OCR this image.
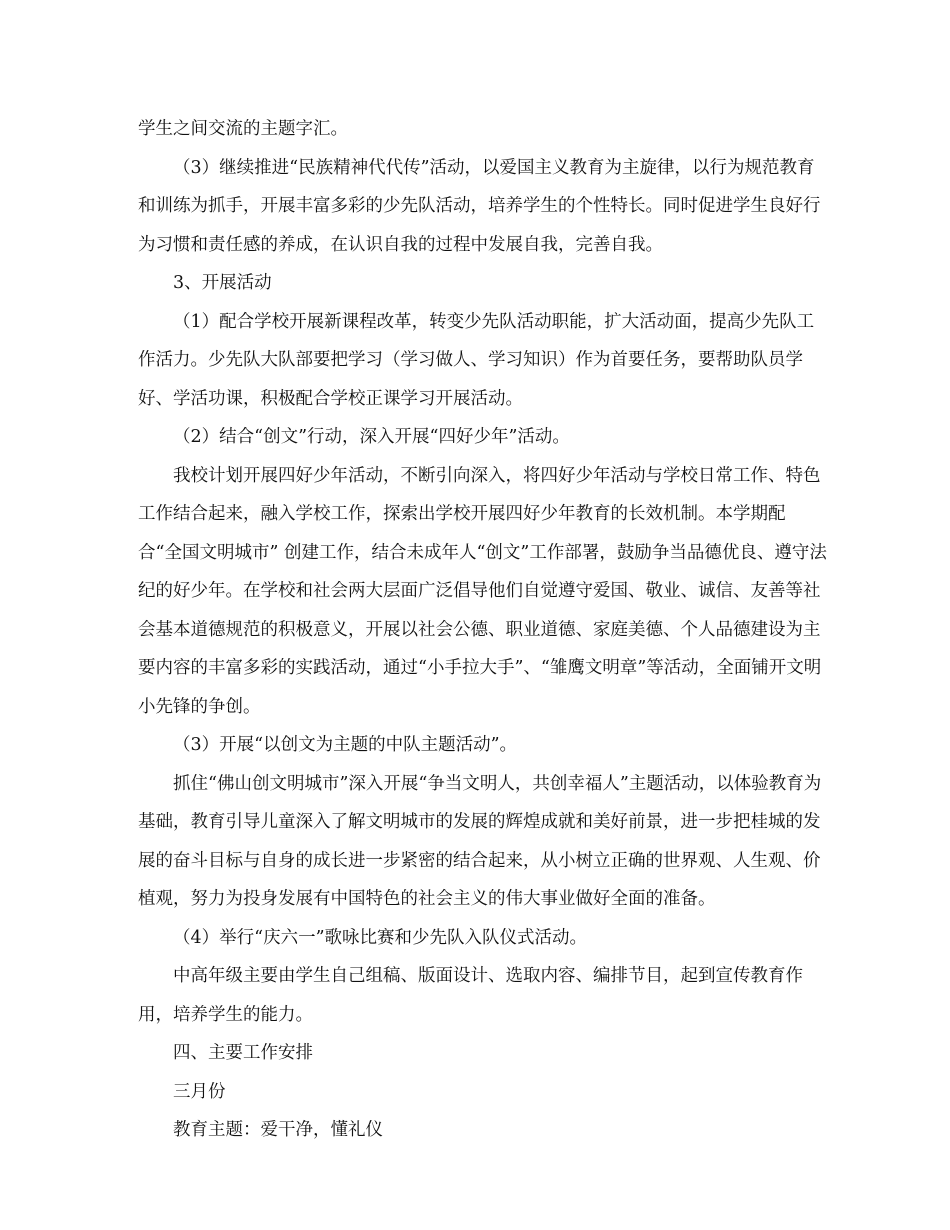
学生之间交流的主题字汇。

（3）继续推进“民族精神代代传”活动，以爱国主义教育为主旋律，以行为规范教育和训练为抓手，开展丰富多彩的少先队活动，培养学生的个性特长。同时促进学生良好行为习惯和责任感的养成，在认识自我的过程中发展自我，完善自我。

3、开展活动

（1）配合学校开展新课程改革，转变少先队活动职能，扩大活动面，提高少先队工作活力。少先队大队部要把学习（学习做人、学习知识）作为首要任务，要帮助队员学好、学活功课，积极配合学校正课学习开展活动。

（2）结合“创文”行动，深入开展“四好少年”活动。

我校计划开展四好少年活动，不断引向深入，将四好少年活动与学校日常工作、特色工作结合起来，融入学校工作，探索出学校开展四好少年教育的长效机制。本学期配合“全国文明城市” 创建工作，结合未成年人“创文”工作部署，鼓励争当品德优良、遵守法纪的好少年。在学校和社会两大层面广泛倡导他们自觉遵守爱国、敬业、诚信、友善等社会基本道德规范的积极意义，开展以社会公德、职业道德、家庭美德、个人品德建设为主要内容的丰富多彩的实践活动，通过“小手拉大手”、“雏鹰文明章”等活动，全面铺开文明小先锋的争创。

（3）开展“以创文为主题的中队主题活动”。

抓住“佛山创文明城市”深入开展“争当文明人，共创幸福人”主题活动，以体验教育为基础，教育引导儿童深入了解文明城市的发展的辉煌成就和美好前景，进一步把桂城的发展的奋斗目标与自身的成长进一步紧密的结合起来，从小树立正确的世界观、人生观、价植观，努力为投身发展有中国特色的社会主义的伟大事业做好全面的准备。

（4）举行“庆六一”歌咏比赛和少先队入队仪式活动。

中高年级主要由学生自己组稿、版面设计、选取内容、编排节目，起到宣传教育作用，培养学生的能力。

四、主要工作安排

三月份

教育主题：爱干净，懂礼仪
